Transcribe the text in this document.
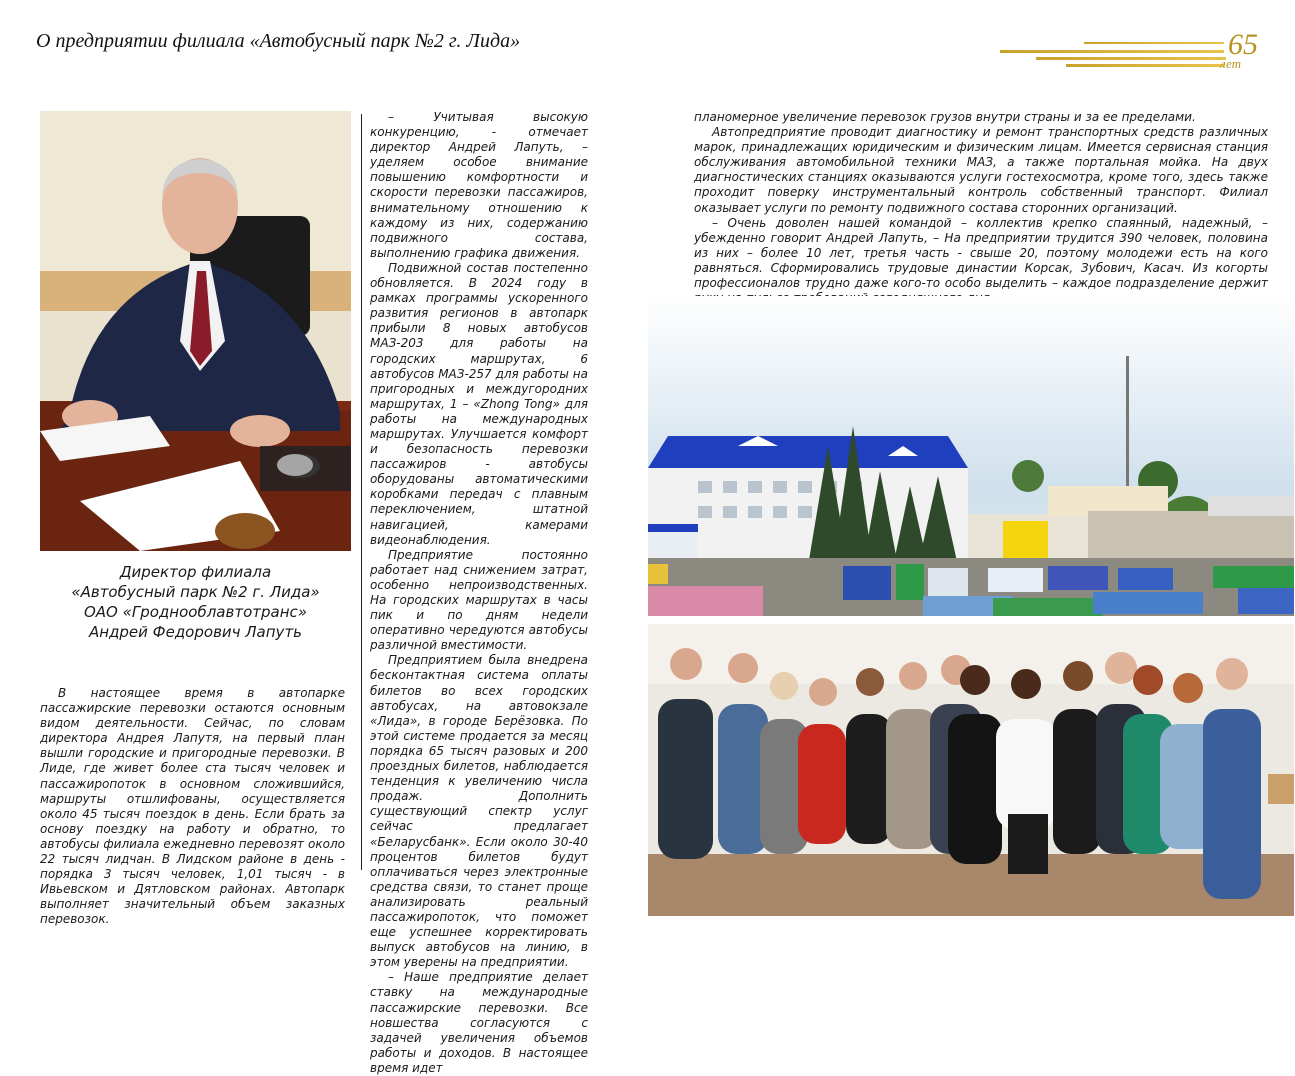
О предприятии филиала «Автобусный парк №2 г. Лида»	65
лет
Директор филиала
«Автобусный парк №2 г. Лида»
ОАО «Гроднооблавтотранс»
Андрей Федорович Лапуть

В настоящее время в автопарке пассажирские перевозки остаются основным видом деятельности. Сейчас, по словам директора Андрея Лапутя, на первый план вышли городские и пригородные перевозки. В Лиде, где живет более ста тысяч человек и пассажиропоток в основном сложившийся, маршруты отшлифованы, осуществляется около 45 тысяч поездок в день. Если брать за основу поездку на работу и обратно, то автобусы филиала ежедневно перевозят около 22 тысяч лидчан. В Лидском районе в день - порядка 3 тысяч человек, 1,01 тысяч - в Ивьевском и Дятловском районах. Автопарк выполняет значительный объем заказных перевозок.

– Учитывая высокую конкуренцию, - отмечает директор Андрей Лапуть, – уделяем особое внимание повышению комфортности и скорости перевозки пассажиров, внимательному отношению к каждому из них, содержанию подвижного состава, выполнению графика движения.

Подвижной состав постепенно обновляется. В 2024 году в рамках программы ускоренного развития регионов в автопарк прибыли 8 новых автобусов МАЗ-203 для работы на городских маршрутах, 6 автобусов МАЗ-257 для работы на пригородных и междугородних маршрутах, 1 – «Zhong Tong» для работы на международных маршрутах. Улучшается комфорт и безопасность перевозки пассажиров - автобусы оборудованы автоматическими коробками передач с плавным переключением, штатной навигацией, камерами видеонаблюдения.

Предприятие постоянно работает над снижением затрат, особенно непроизводственных. На городских маршрутах в часы пик и по дням недели оперативно чередуются автобусы различной вместимости.

Предприятием была внедрена бесконтактная система оплаты билетов во всех городских автобусах, на автовокзале «Лида», в городе Берёзовка. По этой системе продается за месяц порядка 65 тысяч разовых и 200 проездных билетов, наблюдается тенденция к увеличению числа продаж. Дополнить существующий спектр услуг сейчас предлагает «Беларусбанк». Если около 30-40 процентов билетов будут оплачиваться через электронные средства связи, то станет проще анализировать реальный пассажиропоток, что поможет еще успешнее корректировать выпуск автобусов на линию, в этом уверены на предприятии.

– Наше предприятие делает ставку на международные пассажирские перевозки. Все новшества согласуются с задачей увеличения объемов работы и доходов. В настоящее время идет

планомерное увеличение перевозок грузов внутри страны и за ее пределами.

Автопредприятие проводит диагностику и ремонт транспортных средств различных марок, принадлежащих юридическим и физическим лицам. Имеется сервисная станция обслуживания автомобильной техники МАЗ, а также портальная мойка. На двух диагностических станциях оказываются услуги гостехосмотра, кроме того, здесь также проходит поверку инструментальный контроль собственный транспорт. Филиал оказывает услуги по ремонту подвижного состава сторонних организаций.

– Очень доволен нашей командой – коллектив крепко спаянный, надежный, – убежденно говорит Андрей Лапуть, – На предприятии трудится 390 человек, половина из них – более 10 лет, третья часть - свыше 20, поэтому молодежи есть на кого равняться. Сформировались трудовые династии Корсак, Зубович, Касач. Из когорты профессионалов трудно даже кого-то особо выделить – каждое подразделение держит
